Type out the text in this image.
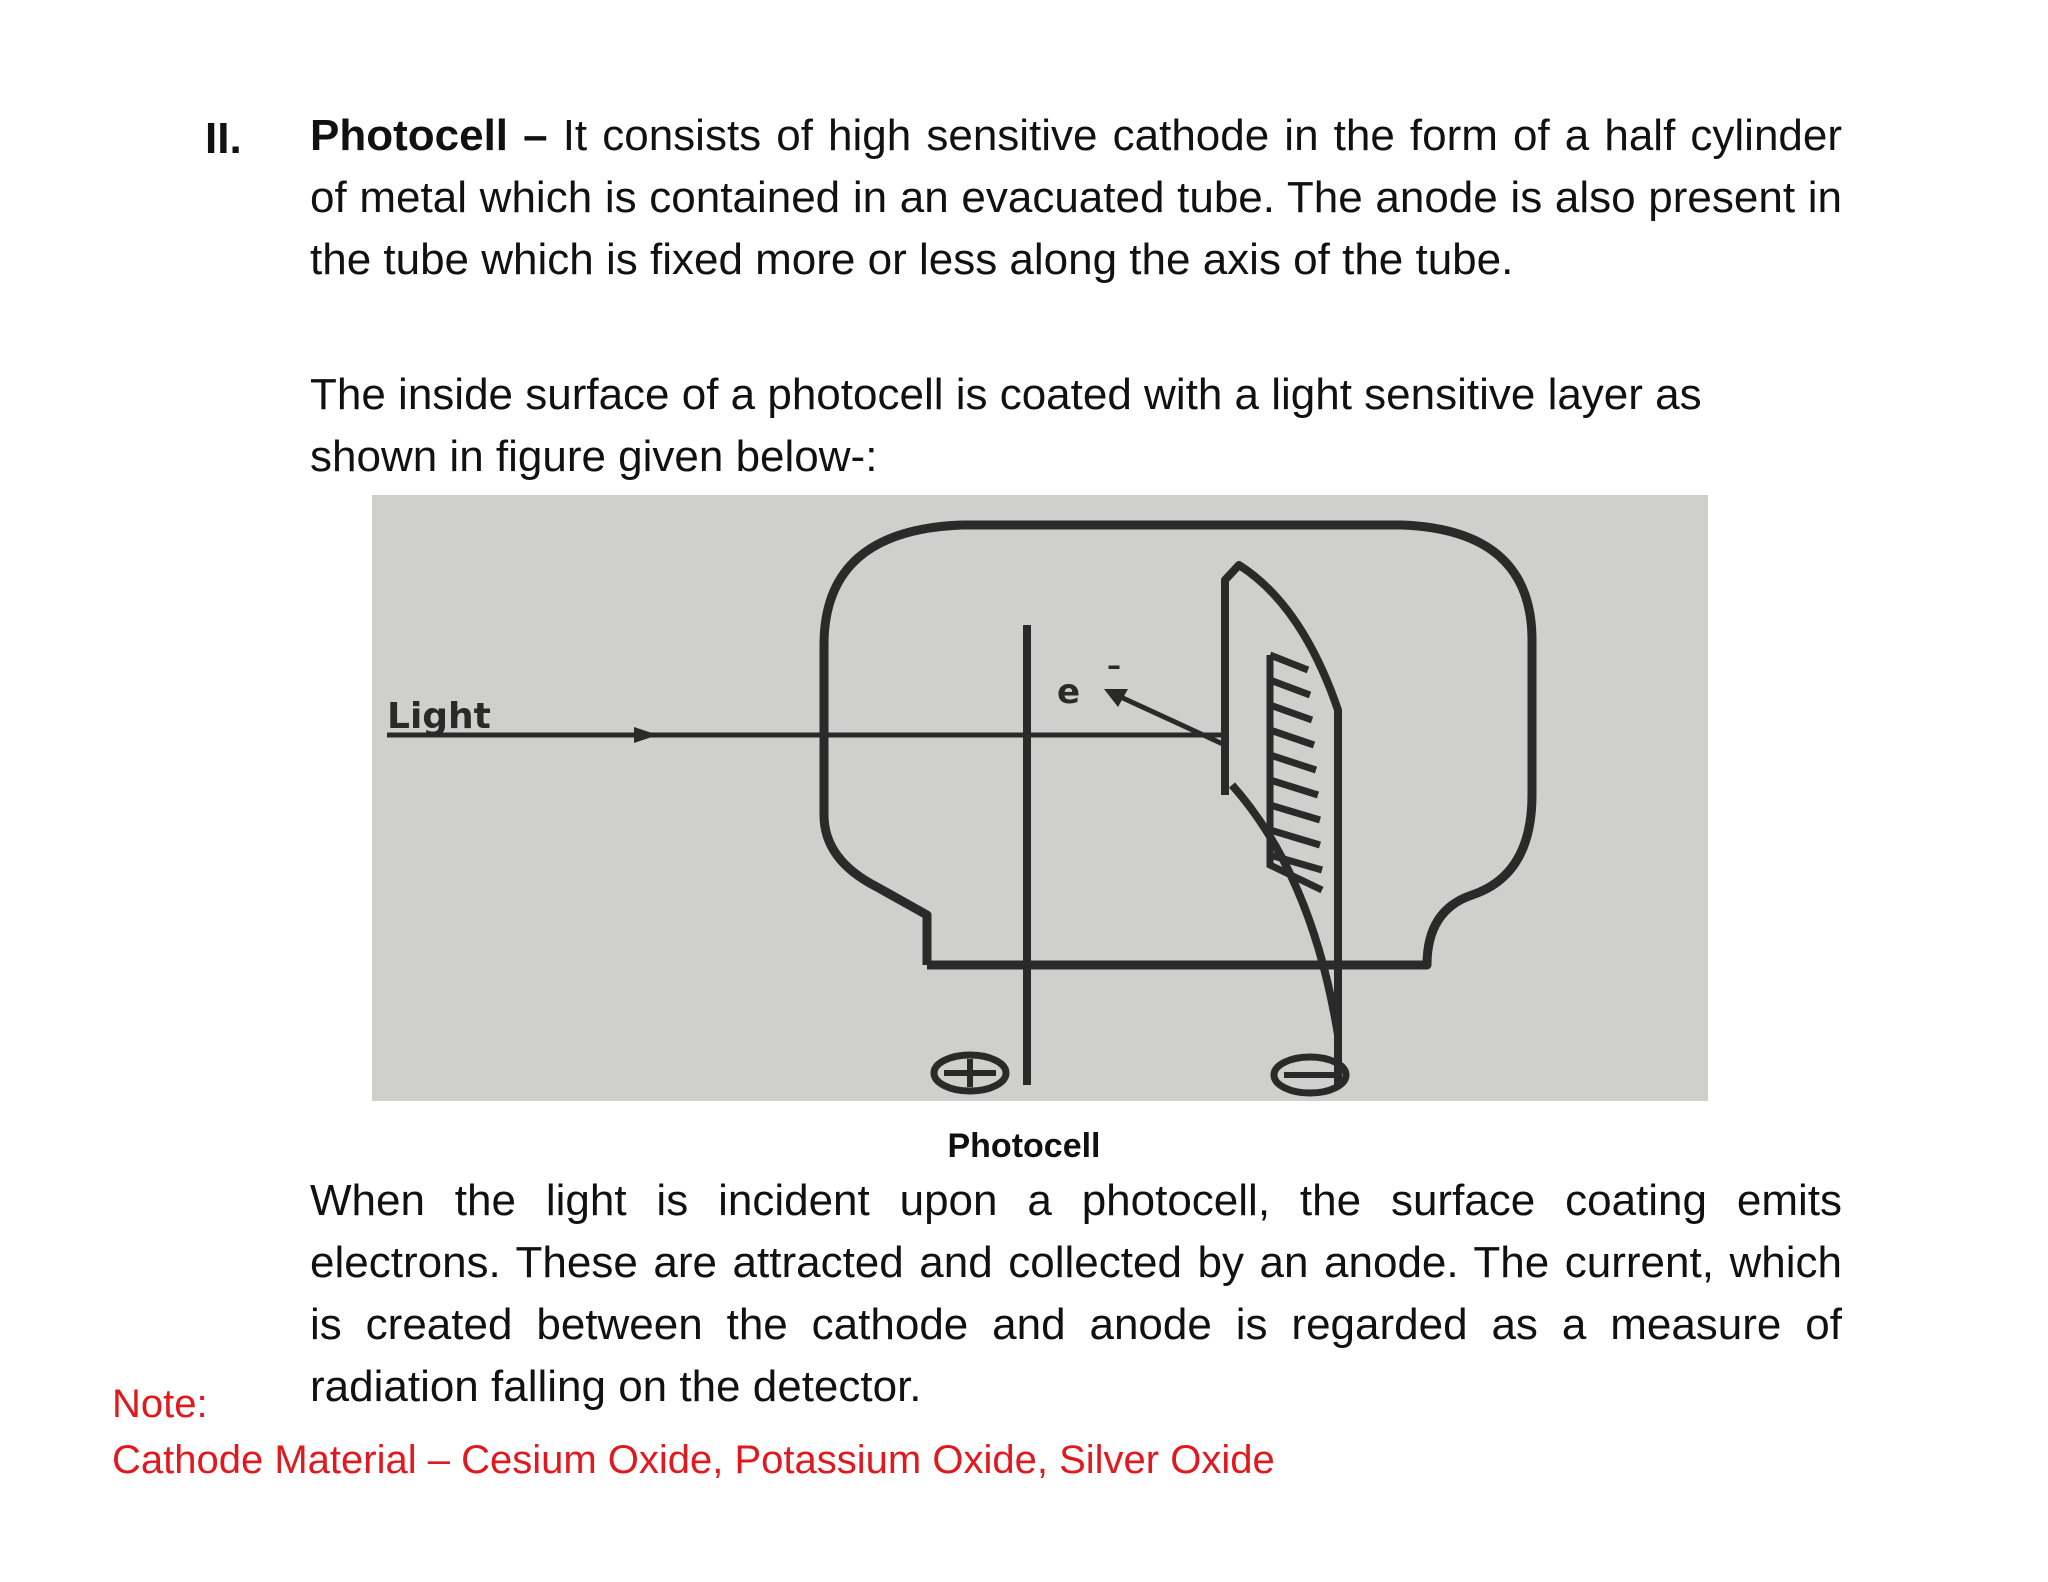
II. Photocell – It consists of high sensitive cathode in the form of a half cylinder of metal which is contained in an evacuated tube. The anode is also present in the tube which is fixed more or less along the axis of the tube.

The inside surface of a photocell is coated with a light sensitive layer as shown in figure given below-:

Light
e
–
Photocell

When the light is incident upon a photocell, the surface coating emits electrons. These are attracted and collected by an anode. The current, which is created between the cathode and anode is regarded as a measure of radiation falling on the detector.

Note:
Cathode Material – Cesium Oxide, Potassium Oxide, Silver Oxide
